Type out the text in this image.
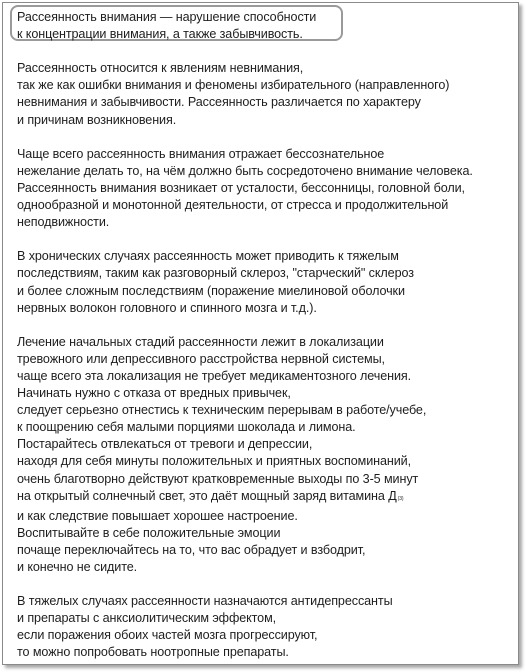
Рассеянность внимания — нарушение способности
к концентрации внимания, а также забывчивость.
Рассеянность относится к явлениям невнимания,
так же как ошибки внимания и феномены избирательного (направленного)
невнимания и забывчивости. Рассеянность различается по характеру
и причинам возникновения.
Чаще всего рассеянность внимания отражает бессознательное
нежелание делать то, на чём должно быть сосредоточено внимание человека.
Рассеянность внимания возникает от усталости, бессонницы, головной боли,
однообразной и монотонной деятельности, от стресса и продолжительной
неподвижности.
В хронических случаях рассеянность может приводить к тяжелым
последствиям, таким как разговорный склероз, "старческий" склероз
и более сложным последствиям (поражение миелиновой оболочки
нервных волокон головного и спинного мозга и т.д.).
Лечение начальных стадий рассеянности лежит в локализации
тревожного или депрессивного расстройства нервной системы,
чаще всего эта локализация не требует медикаментозного лечения.
Начинать нужно с отказа от вредных привычек,
следует серьезно отнестись к техническим перерывам в работе/учебе,
к поощрению себя малыми порциями шоколада и лимона.
Постарайтесь отвлекаться от тревоги и депрессии,
находя для себя минуты положительных и приятных воспоминаний,
очень благотворно действуют кратковременные выходы по 3-5 минут
на открытый солнечный свет, это даёт мощный заряд витамина Д(3)
и как следствие повышает хорошее настроение.
Воспитывайте в себе положительные эмоции
почаще переключайтесь на то, что вас обрадует и взбодрит,
и конечно не сидите.
В тяжелых случаях рассеянности назначаются антидепрессанты
и препараты с анксиолитическим эффектом,
если поражения обоих частей мозга прогрессируют,
то можно попробовать ноотропные препараты.
